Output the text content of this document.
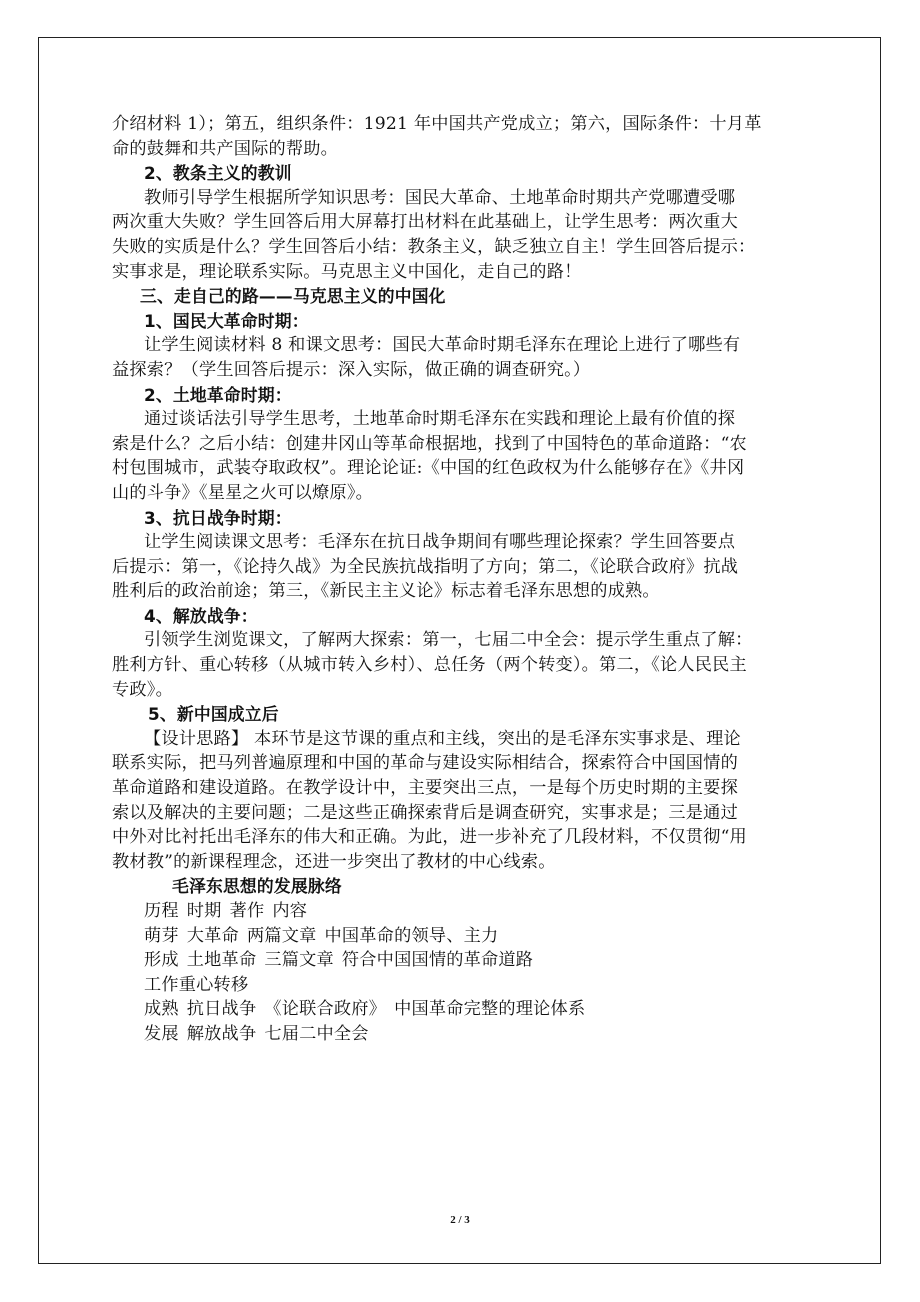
介绍材料 1）；第五，组织条件：1921 年中国共产党成立；第六，国际条件：十月革
命的鼓舞和共产国际的帮助。
2、教条主义的教训
教师引导学生根据所学知识思考：国民大革命、土地革命时期共产党哪遭受哪
两次重大失败？学生回答后用大屏幕打出材料在此基础上，让学生思考：两次重大
失败的实质是什么？学生回答后小结：教条主义，缺乏独立自主！学生回答后提示：
实事求是，理论联系实际。马克思主义中国化，走自己的路！
三、走自己的路——马克思主义的中国化
1、国民大革命时期：
让学生阅读材料 8 和课文思考：国民大革命时期毛泽东在理论上进行了哪些有
益探索？（学生回答后提示：深入实际，做正确的调查研究。）
2、土地革命时期：
通过谈话法引导学生思考，土地革命时期毛泽东在实践和理论上最有价值的探
索是什么？之后小结：创建井冈山等革命根据地，找到了中国特色的革命道路：“农
村包围城市，武装夺取政权”。理论论证:《中国的红色政权为什么能够存在》《井冈
山的斗争》《星星之火可以燎原》。
3、抗日战争时期：
让学生阅读课文思考：毛泽东在抗日战争期间有哪些理论探索？学生回答要点
后提示：第一，《论持久战》为全民族抗战指明了方向；第二，《论联合政府》抗战
胜利后的政治前途；第三，《新民主主义论》标志着毛泽东思想的成熟。
4、解放战争：
引领学生浏览课文，了解两大探索：第一，七届二中全会：提示学生重点了解：
胜利方针、重心转移（从城市转入乡村）、总任务（两个转变）。第二，《论人民民主
专政》。
5、新中国成立后
【设计思路】 本环节是这节课的重点和主线，突出的是毛泽东实事求是、理论
联系实际，把马列普遍原理和中国的革命与建设实际相结合，探索符合中国国情的
革命道路和建设道路。在教学设计中，主要突出三点，一是每个历史时期的主要探
索以及解决的主要问题；二是这些正确探索背后是调查研究，实事求是；三是通过
中外对比衬托出毛泽东的伟大和正确。为此，进一步补充了几段材料，不仅贯彻“用
教材教”的新课程理念，还进一步突出了教材的中心线索。
毛泽东思想的发展脉络
历程 时期 著作 内容
萌芽 大革命 两篇文章 中国革命的领导、主力
形成 土地革命 三篇文章 符合中国国情的革命道路
工作重心转移
成熟 抗日战争 《论联合政府》 中国革命完整的理论体系
发展 解放战争 七届二中全会
2 / 3
